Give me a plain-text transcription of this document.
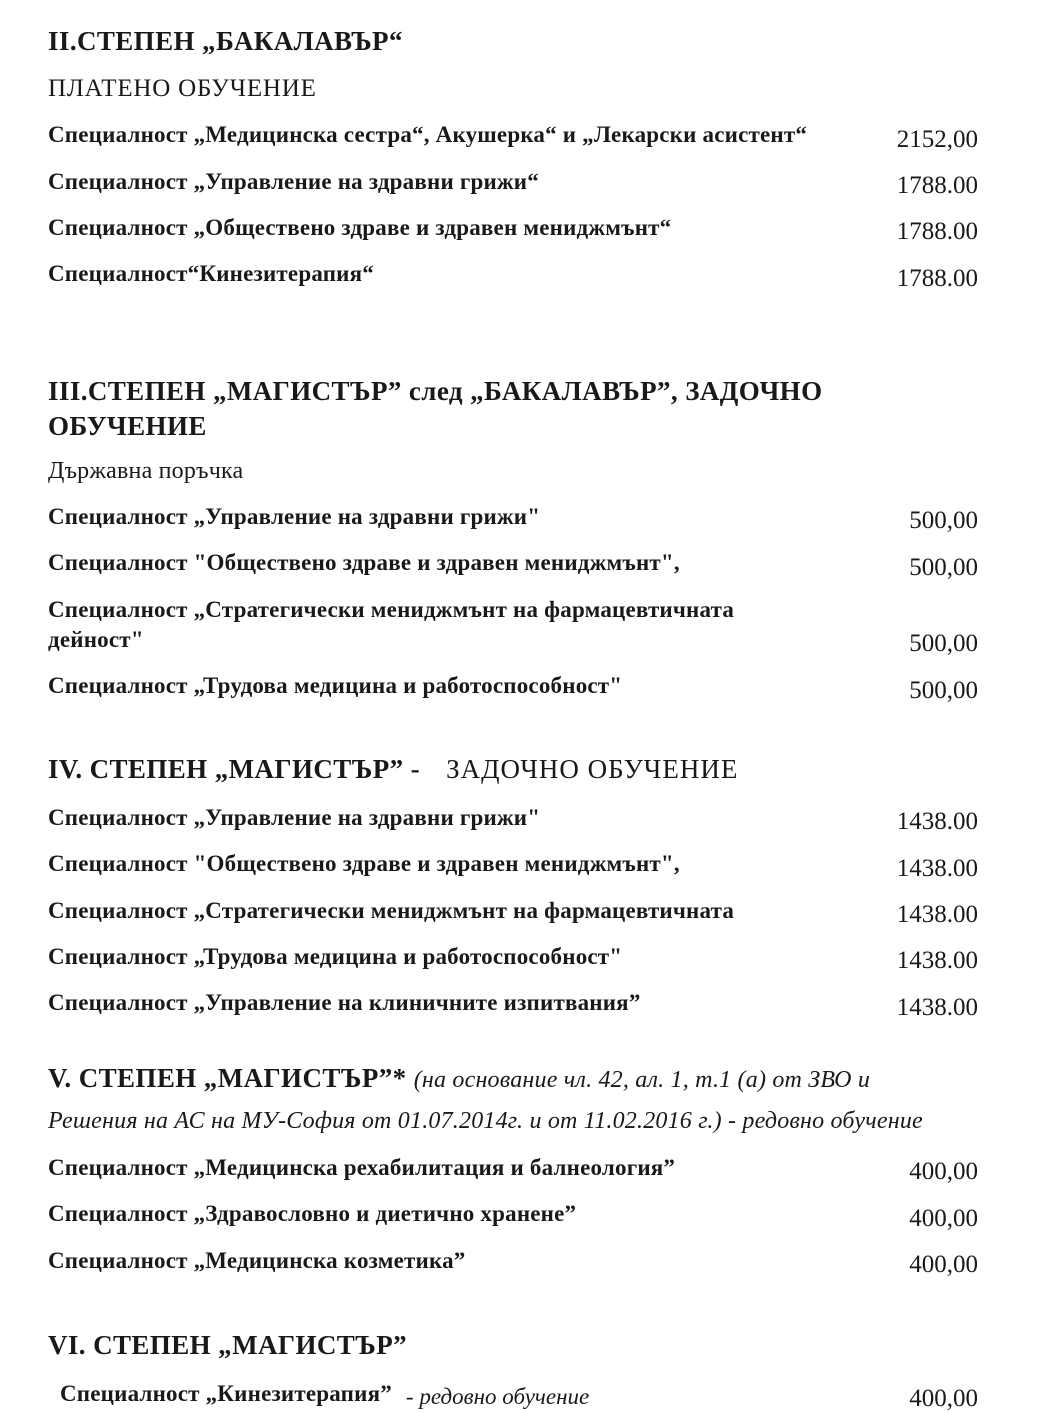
II.СТЕПЕН „БАКАЛАВЪР“
ПЛАТЕНО ОБУЧЕНИЕ
Специалност „Медицинска сестра“, Акушерка“ и „Лекарски асистент“	2152,00
Специалност „Управление на здравни грижи“	1788.00
Специалност „Обществено здраве и здравен мениджмънт“	1788.00
Специалност“Кинезитерапия“	1788.00
III.СТЕПЕН „МАГИСТЪР” след „БАКАЛАВЪР”, ЗАДОЧНО ОБУЧЕНИЕ
Държавна поръчка
Специалност „Управление на здравни грижи"	500,00
Специалност "Обществено здраве и здравен мениджмънт",	500,00
Специалност „Стратегически мениджмънт на фармацевтичната дейност"	500,00
Специалност „Трудова медицина и работоспособност"	500,00
IV. СТЕПЕН „МАГИСТЪР” - ЗАДОЧНО ОБУЧЕНИЕ
Специалност „Управление на здравни грижи"	1438.00
Специалност "Обществено здраве и здравен мениджмънт",	1438.00
Специалност „Стратегически мениджмънт на фармацевтичната	1438.00
Специалност „Трудова медицина и работоспособност"	1438.00
Специалност „Управление на клиничните изпитвания”	1438.00
V. СТЕПЕН „МАГИСТЪР”* (на основание чл. 42, ал. 1, т.1 (а) от ЗВО и
Решения на АС на МУ-София от 01.07.2014г. и от 11.02.2016 г.) - редовно обучение
Специалност „Медицинска рехабилитация и балнеология”	400,00
Специалност „Здравословно и диетично хранене”	400,00
Специалност „Медицинска козметика”	400,00
VI. СТЕПЕН „МАГИСТЪР”
Специалност „Кинезитерапия” - редовно обучение	400,00
